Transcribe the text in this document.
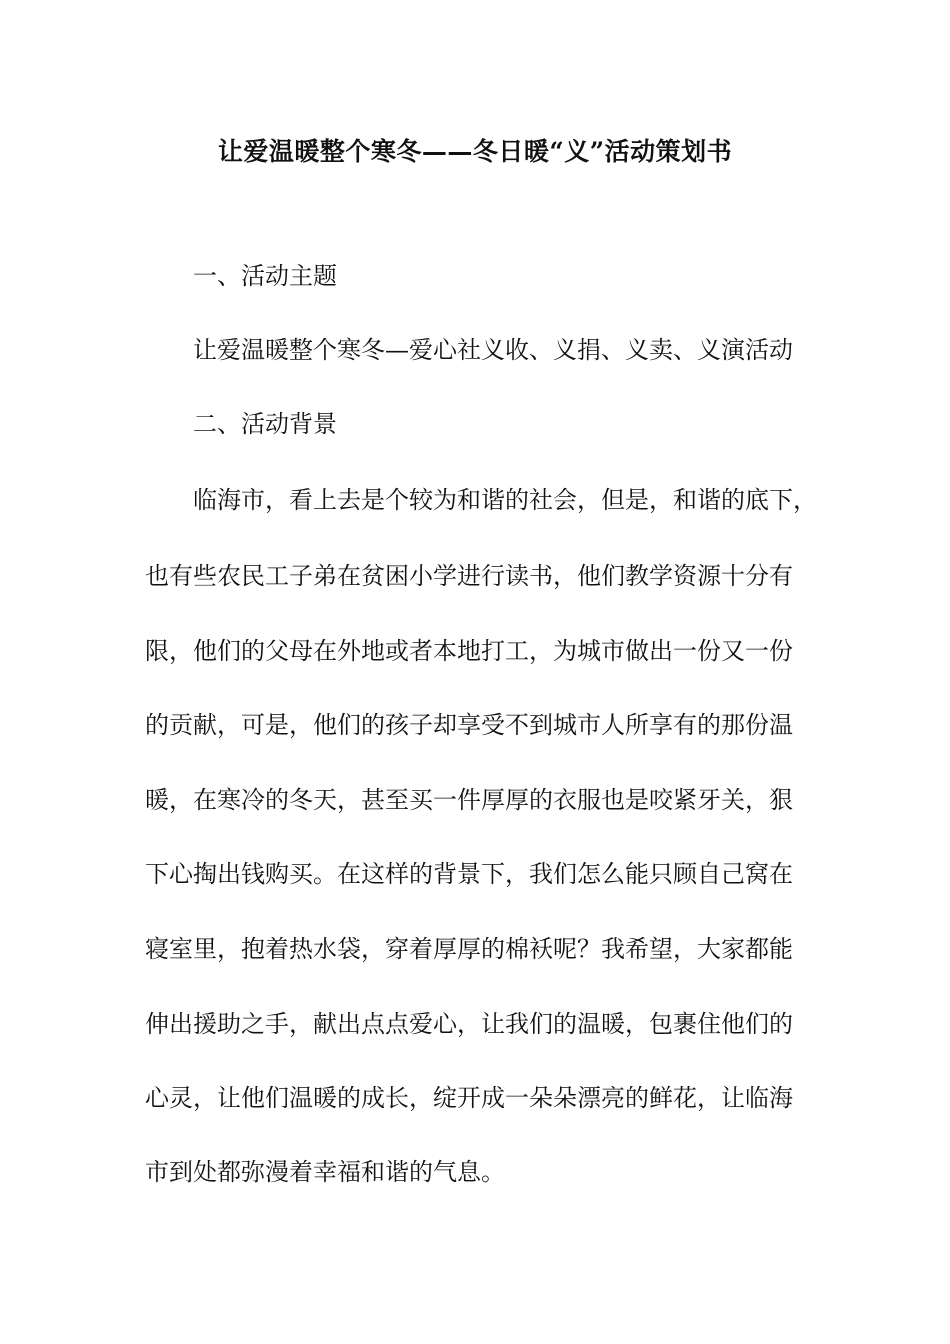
让爱温暖整个寒冬——冬日暖“义”活动策划书
一、活动主题
让爱温暖整个寒冬—爱心社义收、义捐、义卖、义演活动
二、活动背景
临海市，看上去是个较为和谐的社会，但是，和谐的底下，
也有些农民工子弟在贫困小学进行读书，他们教学资源十分有
限，他们的父母在外地或者本地打工，为城市做出一份又一份
的贡献，可是，他们的孩子却享受不到城市人所享有的那份温
暖，在寒冷的冬天，甚至买一件厚厚的衣服也是咬紧牙关，狠
下心掏出钱购买。在这样的背景下，我们怎么能只顾自己窝在
寝室里，抱着热水袋，穿着厚厚的棉袄呢？我希望，大家都能
伸出援助之手，献出点点爱心，让我们的温暖，包裹住他们的
心灵，让他们温暖的成长，绽开成一朵朵漂亮的鲜花，让临海
市到处都弥漫着幸福和谐的气息。
